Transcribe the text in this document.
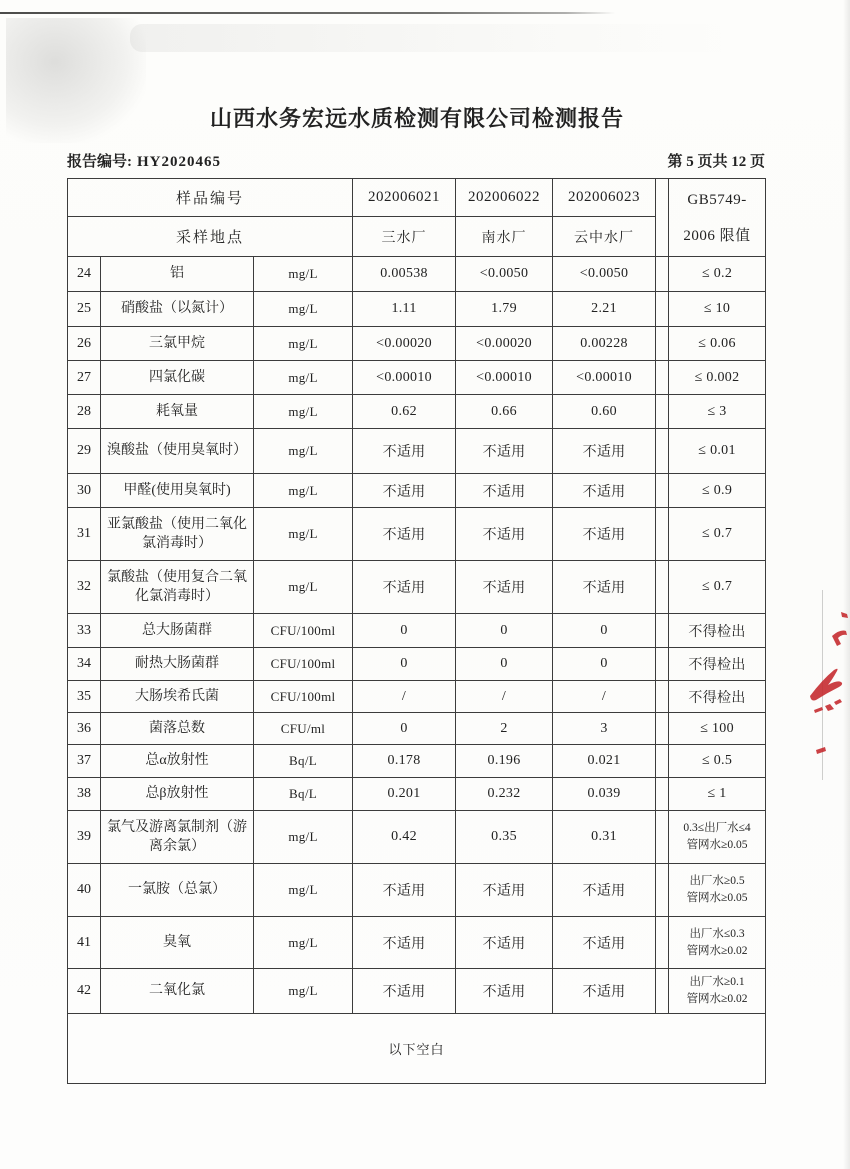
山西水务宏远水质检测有限公司检测报告
报告编号: HY2020465	第 5 页共 12 页
样品编号			202006021	202006022	202006023		GB5749-
2006 限值

采样地点			三水厂	南水厂	云中水厂		
24	铝	mg/L	0.00538	<0.0050	<0.0050		≤ 0.2
25	硝酸盐（以氮计）	mg/L	1.11	1.79	2.21		≤ 10
26	三氯甲烷	mg/L	<0.00020	<0.00020	0.00228		≤ 0.06
27	四氯化碳	mg/L	<0.00010	<0.00010	<0.00010		≤ 0.002
28	耗氧量	mg/L	0.62	0.66	0.60		≤ 3
29	溴酸盐（使用臭氧时）	mg/L	不适用	不适用	不适用		≤ 0.01
30	甲醛(使用臭氧时)	mg/L	不适用	不适用	不适用		≤ 0.9
31	亚氯酸盐（使用二氧化氯消毒时）	mg/L	不适用	不适用	不适用		≤ 0.7
32	氯酸盐（使用复合二氧化氯消毒时）	mg/L	不适用	不适用	不适用		≤ 0.7
33	总大肠菌群	CFU/100ml	0	0	0		不得检出
34	耐热大肠菌群	CFU/100ml	0	0	0		不得检出
35	大肠埃希氏菌	CFU/100ml	/	/	/		不得检出
36	菌落总数	CFU/ml	0	2	3		≤ 100
37	总α放射性	Bq/L	0.178	0.196	0.021		≤ 0.5
38	总β放射性	Bq/L	0.201	0.232	0.039		≤ 1
39	氯气及游离氯制剂（游离余氯）	mg/L	0.42	0.35	0.31		0.3≤出厂水≤4
管网水≥0.05

40	一氯胺（总氯）	mg/L	不适用	不适用	不适用		出厂水≥0.5
管网水≥0.05

41	臭氧	mg/L	不适用	不适用	不适用		出厂水≤0.3
管网水≥0.02

42	二氧化氯	mg/L	不适用	不适用	不适用		出厂水≥0.1
管网水≥0.02

以下空白							
